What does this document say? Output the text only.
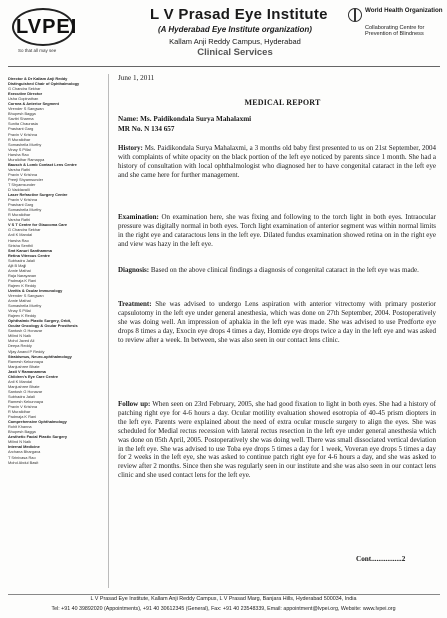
LVPEI
So that all may see
L V Prasad Eye Institute
(A Hyderabad Eye Institute organization)
Kallam Anji Reddy Campus, Hyderabad
Clinical Services
World Health Organization
Collaborating Centre for Prevention of Blindness
Director & Dr Kallam Anji Reddy
Distinguished Chair of Ophthalmology
G Chandra Sekhar
Executive Director
Usha Gopinathan
Cornea & Anterior Segment
Virender S Sangwan
Bhupesh Bagga
Savitri Sharma
Sunita Chaurasia
Prashant Garg
Pravin V Krishna
R Muralidhar
Somasheila Murthy
Vinay S Pillai
Harsha Rao
Muralidhar Ramappa
Bausch & Lomb Contact Lens Centre
Varsha Rathi
Pravin V Krishna
Preeji Shyamsunder
T Shyamsunder
D Vaddavalli
Laser Refractive Surgery Centre
Pravin V Krishna
Prashant Garg
Somasheila Murthy
R Muralidhar
Varsha Rathi
V S T Centre for Glaucoma Care
G Chandra Sekhar
Anil K Mandal
Harsha Rao
Sirisha Senthil
Smt Kanuri Santhamma
Retina Vitreous Centre
Subhadra Jalali
Ajit B Majji
Annie Mathai
Raja Narayanan
Padmaja K Rani
Rajeev K Reddy
Uveitis & Ocular Immunology
Virender S Sangwan
Annie Mathai
Somasheila Murthy
Vinay S Pillai
Rajeev K Reddy
Ophthalmic Plastic Surgery, Orbit,
Ocular Oncology & Ocular Prosthesis
Santosh G Honavar
Milind N Naik
Mohd Javed Ali
Deepa Reddy
Vijay Anand P Reddy
Strabismus, Neuro-ophthalmology
Ramesh Kekunnaya
Manjushree Bhate
Jasti V Ramanamma
Children's Eye Care Centre
Anil K Mandal
Manjushree Bhate
Santosh G Honavar
Subhadra Jalali
Ramesh Kekunnaya
Pravin V Krishna
R Muralidhar
Padmaja K Rani
Comprehensive Ophthalmology
Rohit Khanna
Bhupesh Bagga
Aesthetic Facial Plastic Surgery
Milind N Naik
Internal Medicine
Archana Bhargava
T Srinivasa Rao
Mohd Abdul Basit
June 1, 2011
MEDICAL REPORT
Name: Ms. Paidikondala Surya Mahalaxmi
MR No. N 134 657
History: Ms. Paidikondala Surya Mahalaxmi, a 3 months old baby first presented to us on 21st September, 2004 with complaints of white opacity on the black portion of the left eye noticed by parents since 1 month. She had a history of consultation with local ophthalmologist who diagnosed her to have congenital cataract in the left eye and she came here for further management.
Examination: On examination here, she was fixing and following to the torch light in both eyes. Intraocular pressure was digitally normal in both eyes. Torch light examination of anterior segment was within normal limits in the right eye and cataractous lens in the left eye. Dilated fundus examination showed retina on in the right eye and view was hazy in the left eye.
Diagnosis: Based on the above clinical findings a diagnosis of congenital cataract in the left eye was made.
Treatment: She was advised to undergo Lens aspiration with anterior vitrectomy with primary posterior capsulotomy in the left eye under general anesthesia, which was done on 27th September, 2004. Postoperatively she was doing well. An impression of aphakia in the left eye was made. She was advised to use Predforte eye drops 8 times a day, Exocin eye drops 4 times a day, Homide eye drops twice a day in the left eye and was asked to review after a week. In between, she was also seen in our contact lens clinic.
Follow up: When seen on 23rd February, 2005, she had good fixation to light in both eyes. She had a history of patching right eye for 4-6 hours a day. Ocular motility evaluation showed esotropia of 40-45 prism diopters in the left eye. Parents were explained about the need of extra ocular muscle surgery to align the eyes. She was scheduled for Medial rectus recession with lateral rectus resection in the left eye under general anesthesia which was done on 05th April, 2005. Postoperatively she was doing well. There was small dissociated vertical deviation in the left eye. She was advised to use Toba eye drops 5 times a day for 1 week, Voveran eye drops 5 times a day for 2 weeks in the left eye, she was asked to continue patch right eye for 4-6 hours a day, and she was asked to review after 2 months. Since then she was regularly seen in our institute and she was also seen in our contact lens clinic and she used contact lens for the left eye.
Cont.................2
L V Prasad Eye Institute, Kallam Anji Reddy Campus, L V Prasad Marg, Banjara Hills, Hyderabad 500034, India
Tel: +91 40 39892020 (Appointments), +91 40 30612345 (General), Fax: +91 40 23548339, Email: appointment@lvpei.org, Website: www.lvpei.org
